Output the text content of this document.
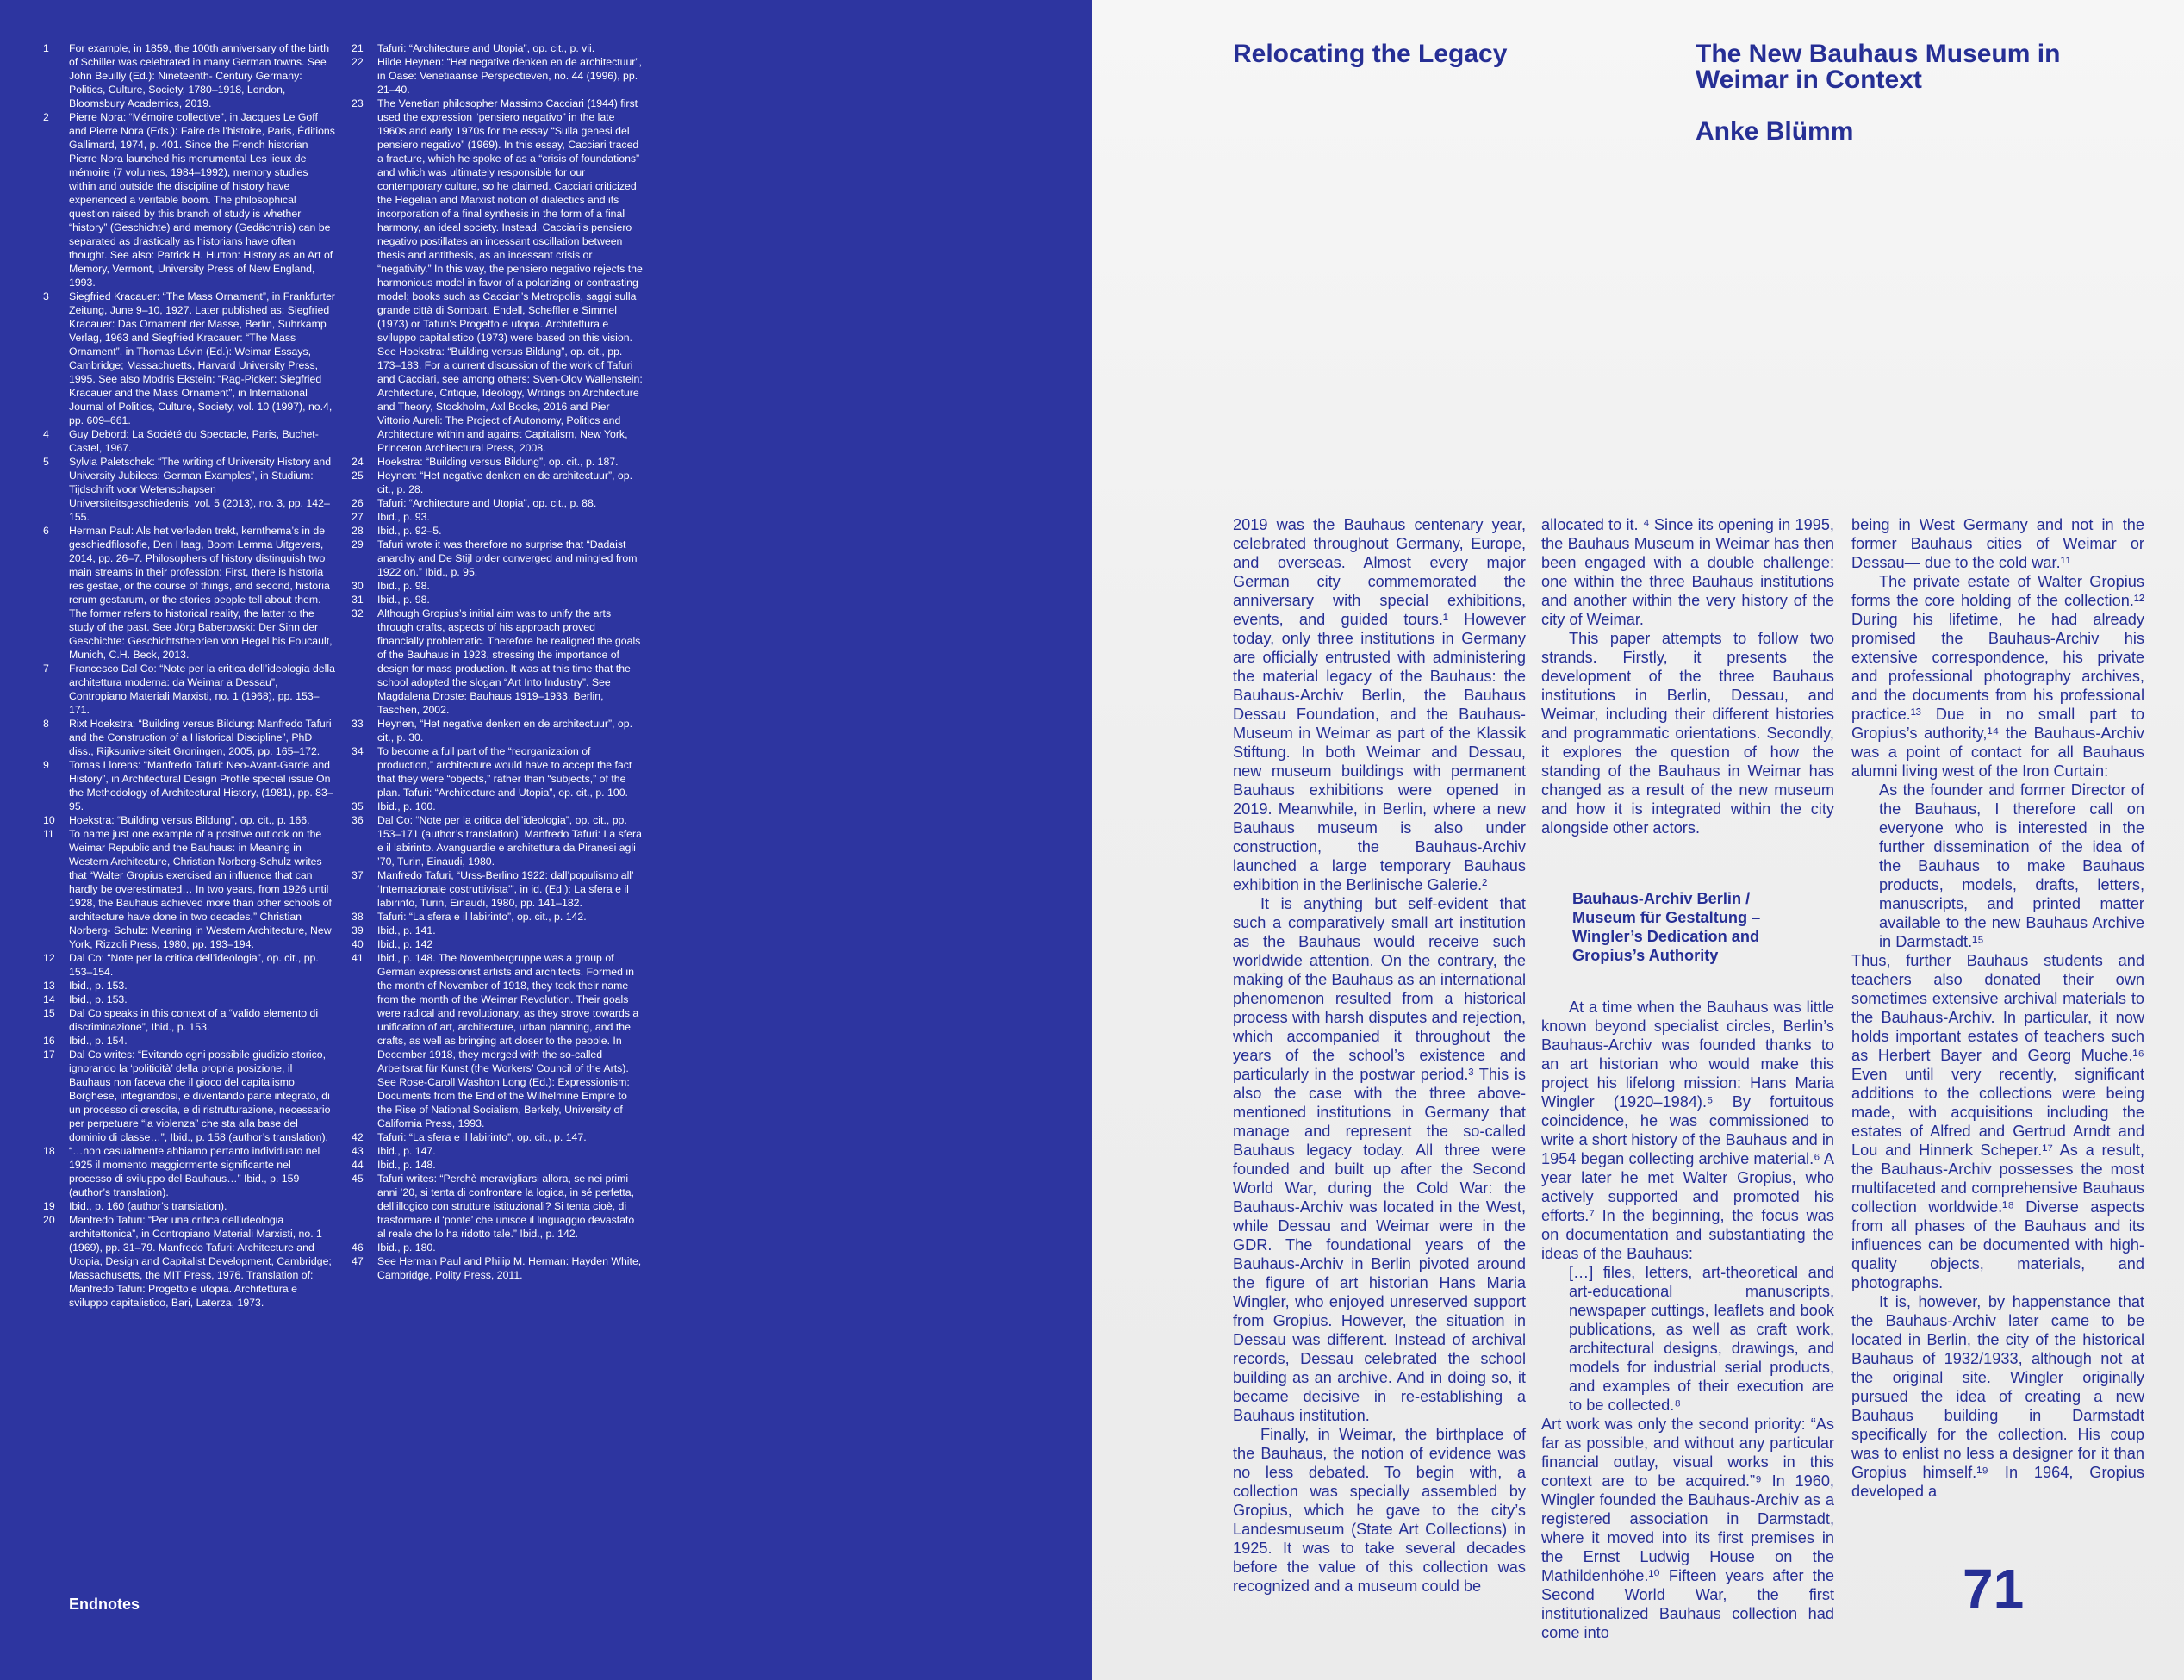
1	For example, in 1859, the 100th anniversary of the birth of Schiller was celebrated in many German towns. See John Beuilly (Ed.): Nineteenth- Century Germany: Politics, Culture, Society, 1780–1918, London, Bloomsbury Academics, 2019.
2	Pierre Nora: “Mémoire collective”, in Jacques Le Goff and Pierre Nora (Eds.): Faire de l’histoire, Paris, Éditions Gallimard, 1974, p. 401. Since the French historian Pierre Nora launched his monumental Les lieux de mémoire (7 volumes, 1984–1992), memory studies within and outside the discipline of history have experienced a veritable boom. The philosophical question raised by this branch of study is whether “history” (Geschichte) and memory (Gedächtnis) can be separated as drastically as historians have often thought. See also: Patrick H. Hutton: History as an Art of Memory, Vermont, University Press of New England, 1993.
3	Siegfried Kracauer: “The Mass Ornament”, in Frankfurter Zeitung, June 9–10, 1927. Later published as: Siegfried Kracauer: Das Ornament der Masse, Berlin, Suhrkamp Verlag, 1963 and Siegfried Kracauer: “The Mass Ornament”, in Thomas Lévin (Ed.): Weimar Essays, Cambridge; Massachuetts, Harvard University Press, 1995. See also Modris Ekstein: “Rag-Picker: Siegfried Kracauer and the Mass Ornament”, in International Journal of Politics, Culture, Society, vol. 10 (1997), no.4, pp. 609–661.
4	Guy Debord: La Société du Spectacle, Paris, Buchet-Castel, 1967.
5	Sylvia Paletschek: “The writing of University History and University Jubilees: German Examples”, in Studium: Tijdschrift voor Wetenschapsen Universiteitsgeschiedenis, vol. 5 (2013), no. 3, pp. 142–155.
6	Herman Paul: Als het verleden trekt, kernthema’s in de geschiedfilosofie, Den Haag, Boom Lemma Uitgevers, 2014, pp. 26–7. Philosophers of history distinguish two main streams in their profession: First, there is historia res gestae, or the course of things, and second, historia rerum gestarum, or the stories people tell about them. The former refers to historical reality, the latter to the study of the past. See Jörg Baberowski: Der Sinn der Geschichte: Geschichtstheorien von Hegel bis Foucault, Munich, C.H. Beck, 2013.
7	Francesco Dal Co: “Note per la critica dell’ideologia della architettura moderna: da Weimar a Dessau”, Contropiano Materiali Marxisti, no. 1 (1968), pp. 153–171.
8	Rixt Hoekstra: “Building versus Bildung: Manfredo Tafuri and the Construction of a Historical Discipline”, PhD diss., Rijksuniversiteit Groningen, 2005, pp. 165–172.
9	Tomas Llorens: “Manfredo Tafuri: Neo-Avant-Garde and History”, in Architectural Design Profile special issue On the Methodology of Architectural History, (1981), pp. 83–95.
10	Hoekstra: “Building versus Bildung”, op. cit., p. 166.
11	To name just one example of a positive outlook on the Weimar Republic and the Bauhaus: in Meaning in Western Architecture, Christian Norberg-Schulz writes that “Walter Gropius exercised an influence that can hardly be overestimated… In two years, from 1926 until 1928, the Bauhaus achieved more than other schools of architecture have done in two decades.” Christian Norberg- Schulz: Meaning in Western Architecture, New York, Rizzoli Press, 1980, pp. 193–194.
12	Dal Co: “Note per la critica dell’ideologia”, op. cit., pp. 153–154.
13	Ibid., p. 153.
14	Ibid., p. 153.
15	Dal Co speaks in this context of a “valido elemento di discriminazione”, Ibid., p. 153.
16	Ibid., p. 154.
17	Dal Co writes: “Evitando ogni possibile giudizio storico, ignorando la ‘politicità’ della propria posizione, il Bauhaus non faceva che il gioco del capitalismo Borghese, integrandosi, e diventando parte integrato, di un processo di crescita, e di ristrutturazione, necessario per perpetuare “la violenza” che sta alla base del dominio di classe…”, Ibid., p. 158 (author’s translation).
18	“…non casualmente abbiamo pertanto individuato nel 1925 il momento maggiormente significante nel processo di sviluppo del Bauhaus…” Ibid., p. 159 (author’s translation).
19	Ibid., p. 160 (author’s translation).
20	Manfredo Tafuri: “Per una critica dell’ideologia architettonica”, in Contropiano Materiali Marxisti, no. 1 (1969), pp. 31–79. Manfredo Tafuri: Architecture and Utopia, Design and Capitalist Development, Cambridge; Massachusetts, the MIT Press, 1976. Translation of: Manfredo Tafuri: Progetto e utopia. Architettura e sviluppo capitalistico, Bari, Laterza, 1973.
21	Tafuri: “Architecture and Utopia”, op. cit., p. vii.
22	Hilde Heynen: “Het negative denken en de architectuur”, in Oase: Venetiaanse Perspectieven, no. 44 (1996), pp. 21–40.
23	The Venetian philosopher Massimo Cacciari (1944) first used the expression “pensiero negativo” in the late 1960s and early 1970s for the essay “Sulla genesi del pensiero negativo” (1969). In this essay, Cacciari traced a fracture, which he spoke of as a “crisis of foundations” and which was ultimately responsible for our contemporary culture, so he claimed. Cacciari criticized the Hegelian and Marxist notion of dialectics and its incorporation of a final synthesis in the form of a final harmony, an ideal society. Instead, Cacciari’s pensiero negativo postillates an incessant oscillation between thesis and antithesis, as an incessant crisis or “negativity.” In this way, the pensiero negativo rejects the harmonious model in favor of a polarizing or contrasting model; books such as Cacciari’s Metropolis, saggi sulla grande città di Sombart, Endell, Scheffler e Simmel (1973) or Tafuri’s Progetto e utopia. Architettura e sviluppo capitalistico (1973) were based on this vision. See Hoekstra: “Building versus Bildung”, op. cit., pp. 173–183. For a current discussion of the work of Tafuri and Cacciari, see among others: Sven-Olov Wallenstein: Architecture, Critique, Ideology, Writings on Architecture and Theory, Stockholm, Axl Books, 2016 and Pier Vittorio Aureli: The Project of Autonomy, Politics and Architecture within and against Capitalism, New York, Princeton Architectural Press, 2008.
24	Hoekstra: “Building versus Bildung”, op. cit., p. 187.
25	Heynen: “Het negative denken en de architectuur”, op. cit., p. 28.
26	Tafuri: “Architecture and Utopia”, op. cit., p. 88.
27	Ibid., p. 93.
28	Ibid., p. 92–5.
29	Tafuri wrote it was therefore no surprise that “Dadaist anarchy and De Stijl order converged and mingled from 1922 on.” Ibid., p. 95.
30	Ibid., p. 98.
31	Ibid., p. 98.
32	Although Gropius’s initial aim was to unify the arts through crafts, aspects of his approach proved financially problematic. Therefore he realigned the goals of the Bauhaus in 1923, stressing the importance of design for mass production. It was at this time that the school adopted the slogan “Art Into Industry”. See Magdalena Droste: Bauhaus 1919–1933, Berlin, Taschen, 2002.
33	Heynen, “Het negative denken en de architectuur”, op. cit., p. 30.
34	To become a full part of the “reorganization of production,” architecture would have to accept the fact that they were “objects,” rather than “subjects,” of the plan. Tafuri: “Architecture and Utopia”, op. cit., p. 100.
35	Ibid., p. 100.
36	Dal Co: “Note per la critica dell’ideologia”, op. cit., pp. 153–171 (author’s translation). Manfredo Tafuri: La sfera e il labirinto. Avanguardie e architettura da Piranesi agli ’70, Turin, Einaudi, 1980.
37	Manfredo Tafuri, “Urss-Berlino 1922: dall’populismo all’ ‘Internazionale costruttivista’”, in id. (Ed.): La sfera e il labirinto, Turin, Einaudi, 1980, pp. 141–182.
38	Tafuri: “La sfera e il labirinto”, op. cit., p. 142.
39	Ibid., p. 141.
40	Ibid., p. 142
41	Ibid., p. 148. The Novembergruppe was a group of German expressionist artists and architects. Formed in the month of November of 1918, they took their name from the month of the Weimar Revolution. Their goals were radical and revolutionary, as they strove towards a unification of art, architecture, urban planning, and the crafts, as well as bringing art closer to the people. In December 1918, they merged with the so-called Arbeitsrat für Kunst (the Workers’ Council of the Arts). See Rose-Caroll Washton Long (Ed.): Expressionism: Documents from the End of the Wilhelmine Empire to the Rise of National Socialism, Berkely, University of California Press, 1993.
42	Tafuri: “La sfera e il labirinto”, op. cit., p. 147.
43	Ibid., p. 147.
44	Ibid., p. 148.
45	Tafuri writes: “Perchè meravigliarsi allora, se nei primi anni ’20, si tenta di confrontare la logica, in sé perfetta, dell’illogico con strutture istituzionali? Si tenta cioè, di trasformare il ‘ponte’ che unisce il linguaggio devastato al reale che lo ha ridotto tale.” Ibid., p. 142.
46	Ibid., p. 180.
47	See Herman Paul and Philip M. Herman: Hayden White, Cambridge, Polity Press, 2011.
Endnotes
Relocating the Legacy	The New Bauhaus Museum in Weimar in Context
Anke Blümm

2019 was the Bauhaus centenary year, celebrated throughout Germany, Europe, and overseas. Almost every major German city commemorated the anniversary with special exhibitions, events, and guided tours.¹ However today, only three institutions in Germany are officially entrusted with administering the material legacy of the Bauhaus: the Bauhaus-Archiv Berlin, the Bauhaus Dessau Foundation, and the Bauhaus-Museum in Weimar as part of the Klassik Stiftung. In both Weimar and Dessau, new museum buildings with permanent Bauhaus exhibitions were opened in 2019. Meanwhile, in Berlin, where a new Bauhaus museum is also under construction, the Bauhaus-Archiv launched a large temporary Bauhaus exhibition in the Berlinische Galerie.²

It is anything but self-evident that such a comparatively small art institution as the Bauhaus would receive such worldwide attention. On the contrary, the making of the Bauhaus as an international phenomenon resulted from a historical process with harsh disputes and rejection, which accompanied it throughout the years of the school’s existence and particularly in the postwar period.³ This is also the case with the three above-mentioned institutions in Germany that manage and represent the so-called Bauhaus legacy today. All three were founded and built up after the Second World War, during the Cold War: the Bauhaus-Archiv was located in the West, while Dessau and Weimar were in the GDR. The foundational years of the Bauhaus-Archiv in Berlin pivoted around the figure of art historian Hans Maria Wingler, who enjoyed unreserved support from Gropius. However, the situation in Dessau was different. Instead of archival records, Dessau celebrated the school building as an archive. And in doing so, it became decisive in re-establishing a Bauhaus institution.

Finally, in Weimar, the birthplace of the Bauhaus, the notion of evidence was no less debated. To begin with, a collection was specially assembled by Gropius, which he gave to the city’s Landesmuseum (State Art Collections) in 1925. It was to take several decades before the value of this collection was recognized and a museum could be

allocated to it. ⁴ Since its opening in 1995, the Bauhaus Museum in Weimar has then been engaged with a double challenge: one within the three Bauhaus institutions and another within the very history of the city of Weimar.

This paper attempts to follow two strands. Firstly, it presents the development of the three Bauhaus institutions in Berlin, Dessau, and Weimar, including their different histories and programmatic orientations. Secondly, it explores the question of how the standing of the Bauhaus in Weimar has changed as a result of the new museum and how it is integrated within the city alongside other actors.

Bauhaus-Archiv Berlin / Museum für Gestaltung – Wingler’s Dedication and Gropius’s Authority

At a time when the Bauhaus was little known beyond specialist circles, Berlin’s Bauhaus-Archiv was founded thanks to an art historian who would make this project his lifelong mission: Hans Maria Wingler (1920–1984).⁵ By fortuitous coincidence, he was commissioned to write a short history of the Bauhaus and in 1954 began collecting archive material.⁶ A year later he met Walter Gropius, who actively supported and promoted his efforts.⁷ In the beginning, the focus was on documentation and substantiating the ideas of the Bauhaus:

[…] files, letters, art-theoretical and art-educational manuscripts, newspaper cuttings, leaflets and book publications, as well as craft work, architectural designs, drawings, and models for industrial serial products, and examples of their execution are to be collected.⁸

Art work was only the second priority: “As far as possible, and without any particular financial outlay, visual works in this context are to be acquired.”⁹ In 1960, Wingler founded the Bauhaus-Archiv as a registered association in Darmstadt, where it moved into its first premises in the Ernst Ludwig House on the Mathildenhöhe.¹⁰ Fifteen years after the Second World War, the first institutionalized Bauhaus collection had come into

being in West Germany and not in the former Bauhaus cities of Weimar or Dessau— due to the cold war.¹¹

The private estate of Walter Gropius forms the core holding of the collection.¹² During his lifetime, he had already promised the Bauhaus-Archiv his extensive correspondence, his private and professional photography archives, and the documents from his professional practice.¹³ Due in no small part to Gropius’s authority,¹⁴ the Bauhaus-Archiv was a point of contact for all Bauhaus alumni living west of the Iron Curtain:

As the founder and former Director of the Bauhaus, I therefore call on everyone who is interested in the further dissemination of the idea of the Bauhaus to make Bauhaus products, models, drafts, letters, manuscripts, and printed matter available to the new Bauhaus Archive in Darmstadt.¹⁵

Thus, further Bauhaus students and teachers also donated their own sometimes extensive archival materials to the Bauhaus-Archiv. In particular, it now holds important estates of teachers such as Herbert Bayer and Georg Muche.¹⁶ Even until very recently, significant additions to the collections were being made, with acquisitions including the estates of Alfred and Gertrud Arndt and Lou and Hinnerk Scheper.¹⁷ As a result, the Bauhaus-Archiv possesses the most multifaceted and comprehensive Bauhaus collection worldwide.¹⁸ Diverse aspects from all phases of the Bauhaus and its influences can be documented with high-quality objects, materials, and photographs.

It is, however, by happenstance that the Bauhaus-Archiv later came to be located in Berlin, the city of the historical Bauhaus of 1932/1933, although not at the original site. Wingler originally pursued the idea of creating a new Bauhaus building in Darmstadt specifically for the collection. His coup was to enlist no less a designer for it than Gropius himself.¹⁹ In 1964, Gropius developed a

71
